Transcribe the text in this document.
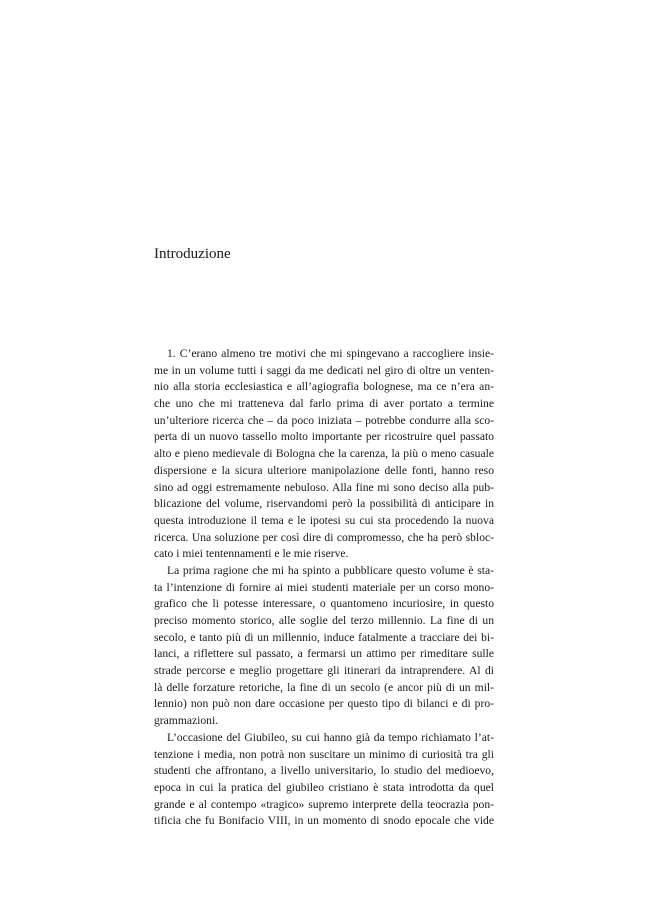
Introduzione
1. C’erano almeno tre motivi che mi spingevano a raccogliere insie-
me in un volume tutti i saggi da me dedicati nel giro di oltre un venten-
nio alla storia ecclesiastica e all’agiografia bolognese, ma ce n’era an-
che uno che mi tratteneva dal farlo prima di aver portato a termine
un’ulteriore ricerca che – da poco iniziata – potrebbe condurre alla sco-
perta di un nuovo tassello molto importante per ricostruire quel passato
alto e pieno medievale di Bologna che la carenza, la più o meno casuale
dispersione e la sicura ulteriore manipolazione delle fonti, hanno reso
sino ad oggi estremamente nebuloso. Alla fine mi sono deciso alla pub-
blicazione del volume, riservandomi però la possibilità di anticipare in
questa introduzione il tema e le ipotesi su cui sta procedendo la nuova
ricerca. Una soluzione per così dire di compromesso, che ha però sbloc-
cato i miei tentennamenti e le mie riserve.
La prima ragione che mi ha spinto a pubblicare questo volume è sta-
ta l’intenzione di fornire ai miei studenti materiale per un corso mono-
grafico che li potesse interessare, o quantomeno incuriosire, in questo
preciso momento storico, alle soglie del terzo millennio. La fine di un
secolo, e tanto più di un millennio, induce fatalmente a tracciare dei bi-
lanci, a riflettere sul passato, a fermarsi un attimo per rimeditare sulle
strade percorse e meglio progettare gli itinerari da intraprendere. Al di
là delle forzature retoriche, la fine di un secolo (e ancor più di un mil-
lennio) non può non dare occasione per questo tipo di bilanci e di pro-
grammazioni.
L’occasione del Giubileo, su cui hanno già da tempo richiamato l’at-
tenzione i media, non potrà non suscitare un minimo di curiosità tra gli
studenti che affrontano, a livello universitario, lo studio del medioevo,
epoca in cui la pratica del giubileo cristiano è stata introdotta da quel
grande e al contempo «tragico» supremo interprete della teocrazia pon-
tificia che fu Bonifacio VIII, in un momento di snodo epocale che vide
